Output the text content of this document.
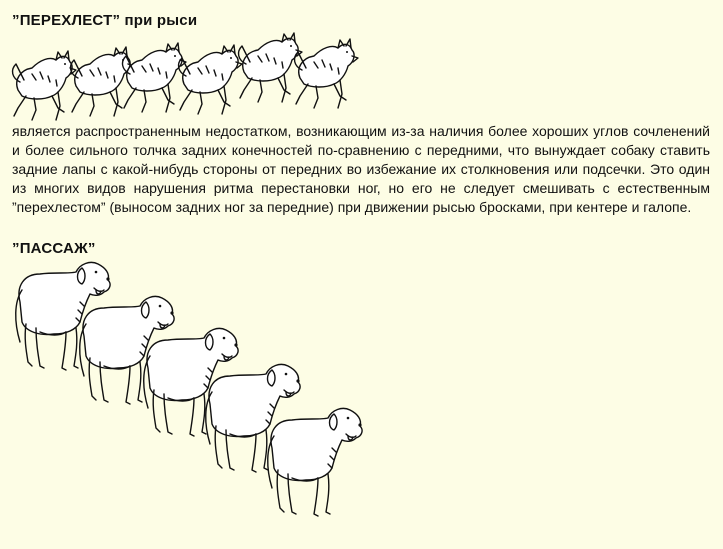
”ПЕРЕХЛЕСТ” при рыси

является распространенным недостатком, возникающим из-за наличия более хороших углов сочленений и более сильного толчка задних конечностей по-сравнению с передними, что вынуждает собаку ставить задние лапы с какой-нибудь стороны от передних во избежание их столкновения или подсечки. Это один из многих видов нарушения ритма перестановки ног, но его не следует смешивать с естественным ”перехлестом” (выносом задних ног за передние) при движении рысью бросками, при кентере и галопе.

”ПАССАЖ”
